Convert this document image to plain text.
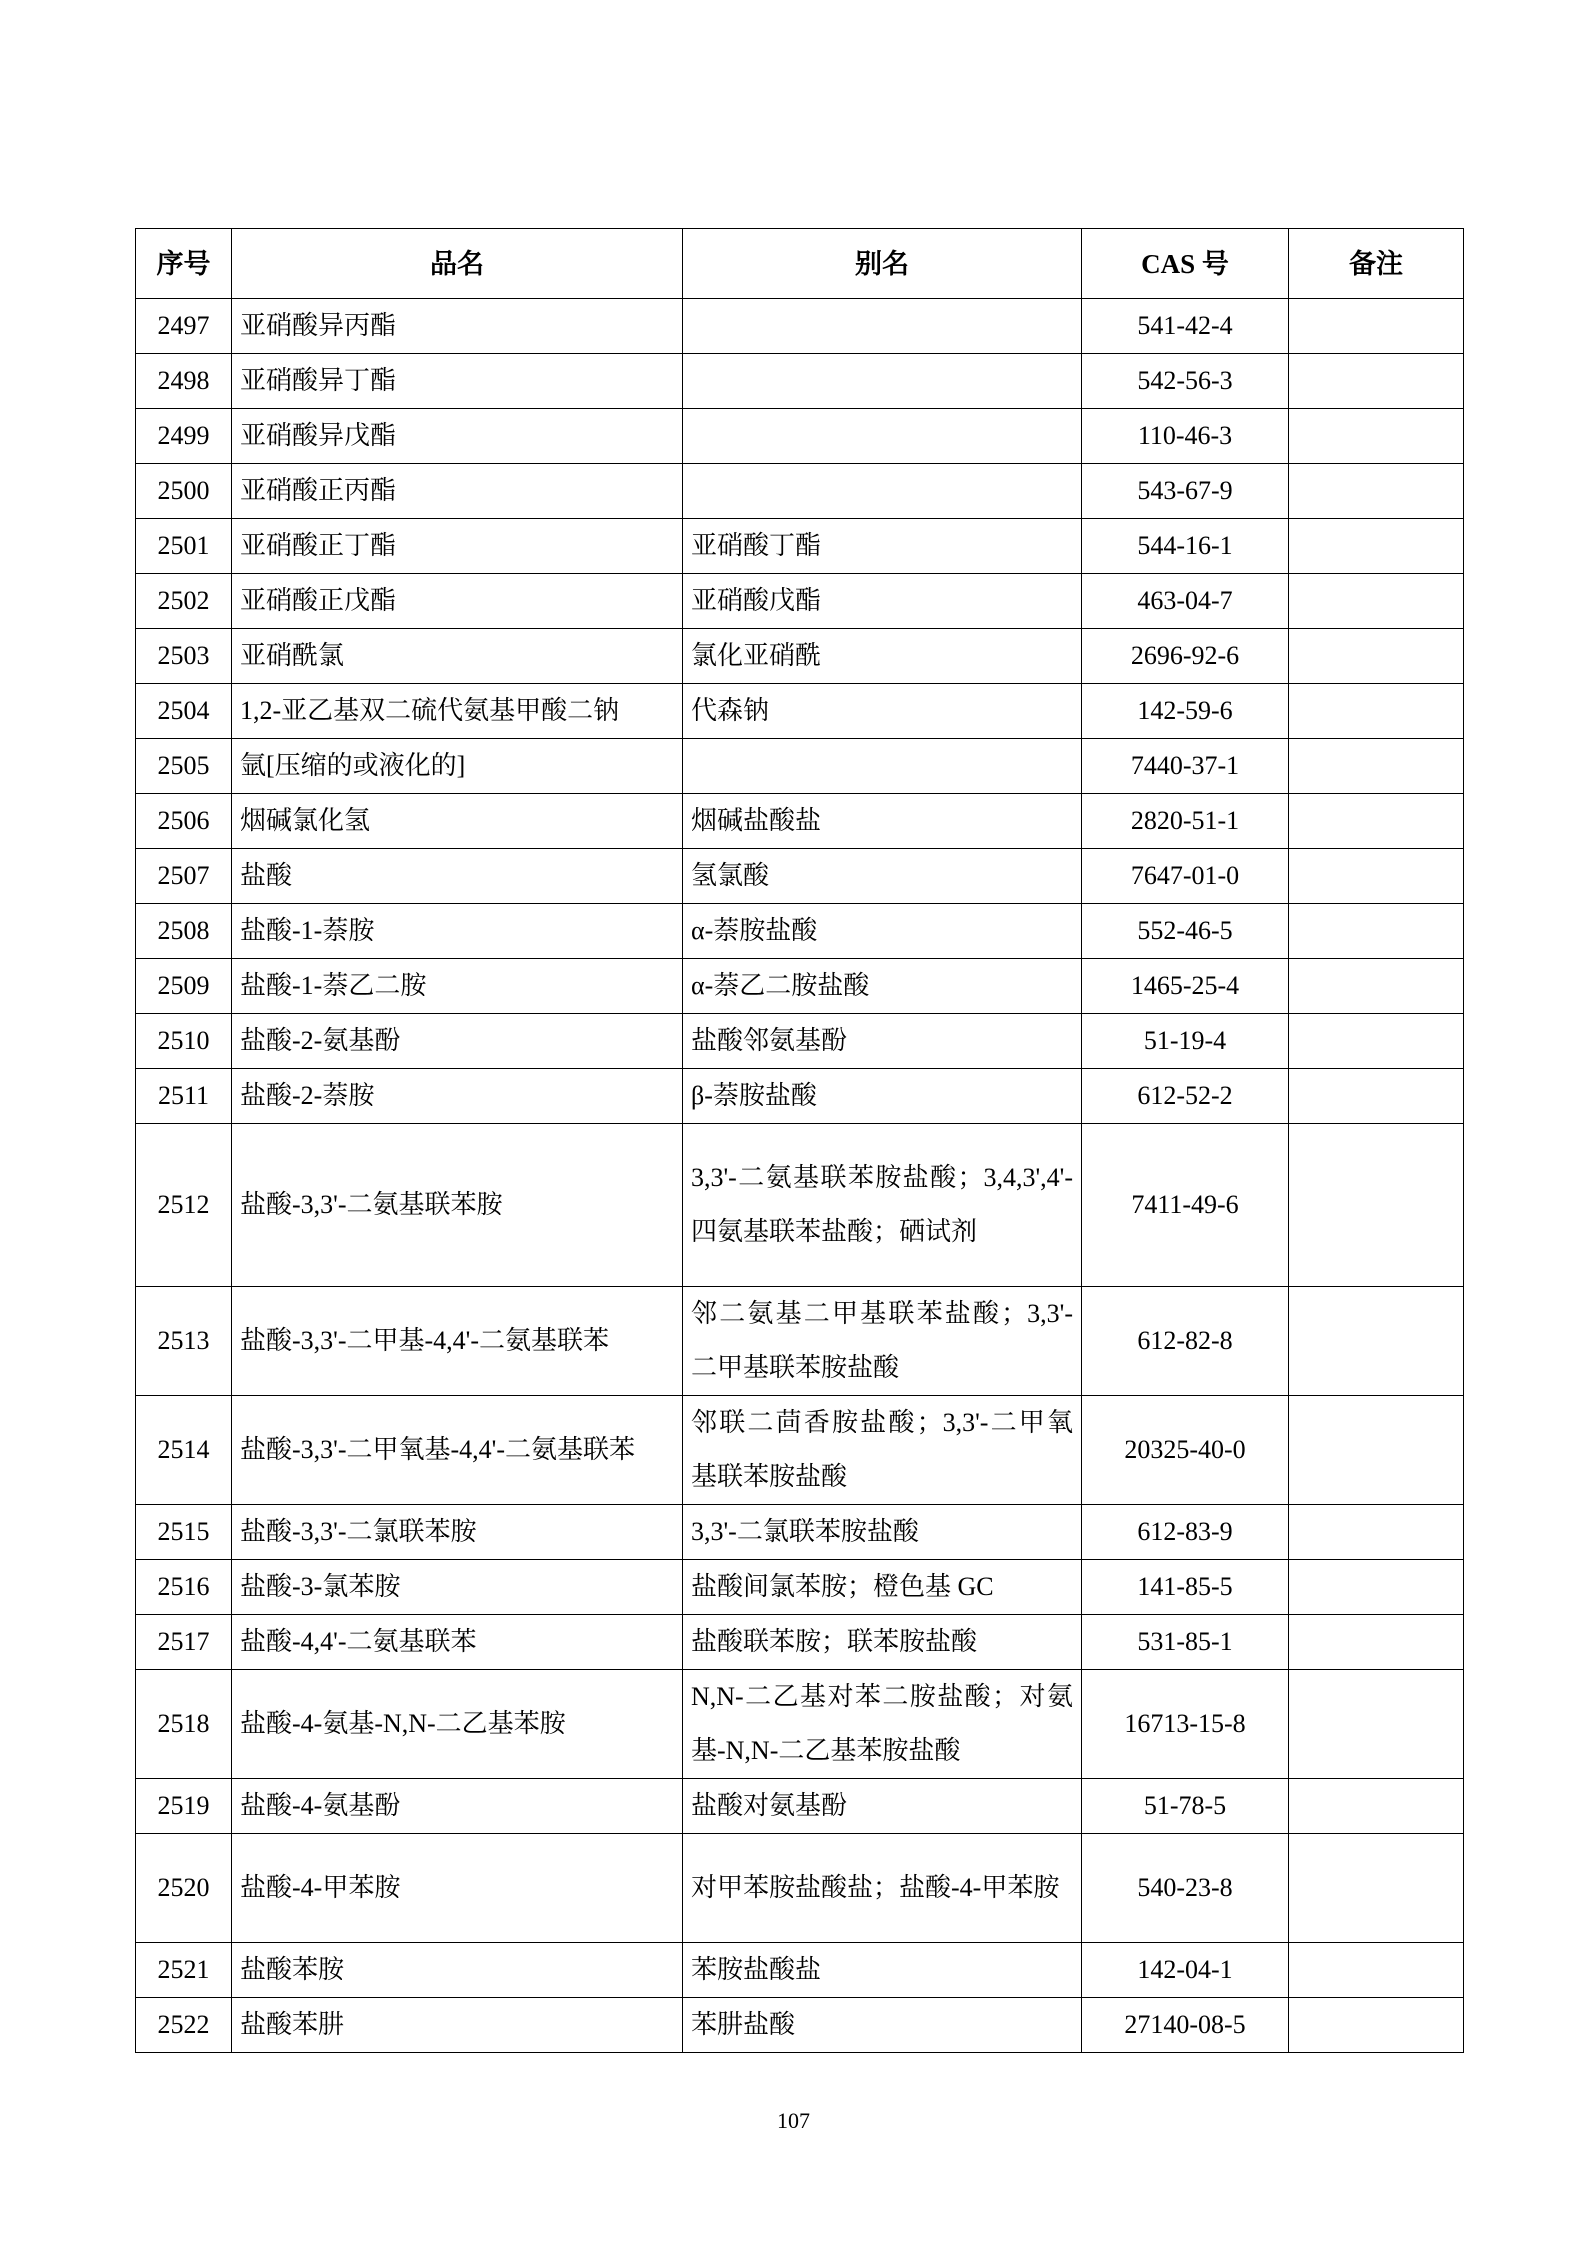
序号	品名	别名	CAS 号	备注
2497	亚硝酸异丙酯		541-42-4	
2498	亚硝酸异丁酯		542-56-3	
2499	亚硝酸异戊酯		110-46-3	
2500	亚硝酸正丙酯		543-67-9	
2501	亚硝酸正丁酯	亚硝酸丁酯	544-16-1	
2502	亚硝酸正戊酯	亚硝酸戊酯	463-04-7	
2503	亚硝酰氯	氯化亚硝酰	2696-92-6	
2504	1,2-亚乙基双二硫代氨基甲酸二钠	代森钠	142-59-6	
2505	氩[压缩的或液化的]		7440-37-1	
2506	烟碱氯化氢	烟碱盐酸盐	2820-51-1	
2507	盐酸	氢氯酸	7647-01-0	
2508	盐酸-1-萘胺	α-萘胺盐酸	552-46-5	
2509	盐酸-1-萘乙二胺	α-萘乙二胺盐酸	1465-25-4	
2510	盐酸-2-氨基酚	盐酸邻氨基酚	51-19-4	
2511	盐酸-2-萘胺	β-萘胺盐酸	612-52-2	
2512	盐酸-3,3'-二氨基联苯胺	3,3'-二氨基联苯胺盐酸；3,4,3',4'-四氨基联苯盐酸；硒试剂	7411-49-6	
2513	盐酸-3,3'-二甲基-4,4'-二氨基联苯	邻二氨基二甲基联苯盐酸；3,3'-二甲基联苯胺盐酸	612-82-8	
2514	盐酸-3,3'-二甲氧基-4,4'-二氨基联苯	邻联二茴香胺盐酸；3,3'-二甲氧基联苯胺盐酸	20325-40-0	
2515	盐酸-3,3'-二氯联苯胺	3,3'-二氯联苯胺盐酸	612-83-9	
2516	盐酸-3-氯苯胺	盐酸间氯苯胺；橙色基 GC	141-85-5	
2517	盐酸-4,4'-二氨基联苯	盐酸联苯胺；联苯胺盐酸	531-85-1	
2518	盐酸-4-氨基-N,N-二乙基苯胺	N,N-二乙基对苯二胺盐酸；对氨基-N,N-二乙基苯胺盐酸	16713-15-8	
2519	盐酸-4-氨基酚	盐酸对氨基酚	51-78-5	
2520	盐酸-4-甲苯胺	对甲苯胺盐酸盐；盐酸-4-甲苯胺	540-23-8	
2521	盐酸苯胺	苯胺盐酸盐	142-04-1	
2522	盐酸苯肼	苯肼盐酸	27140-08-5	
107
